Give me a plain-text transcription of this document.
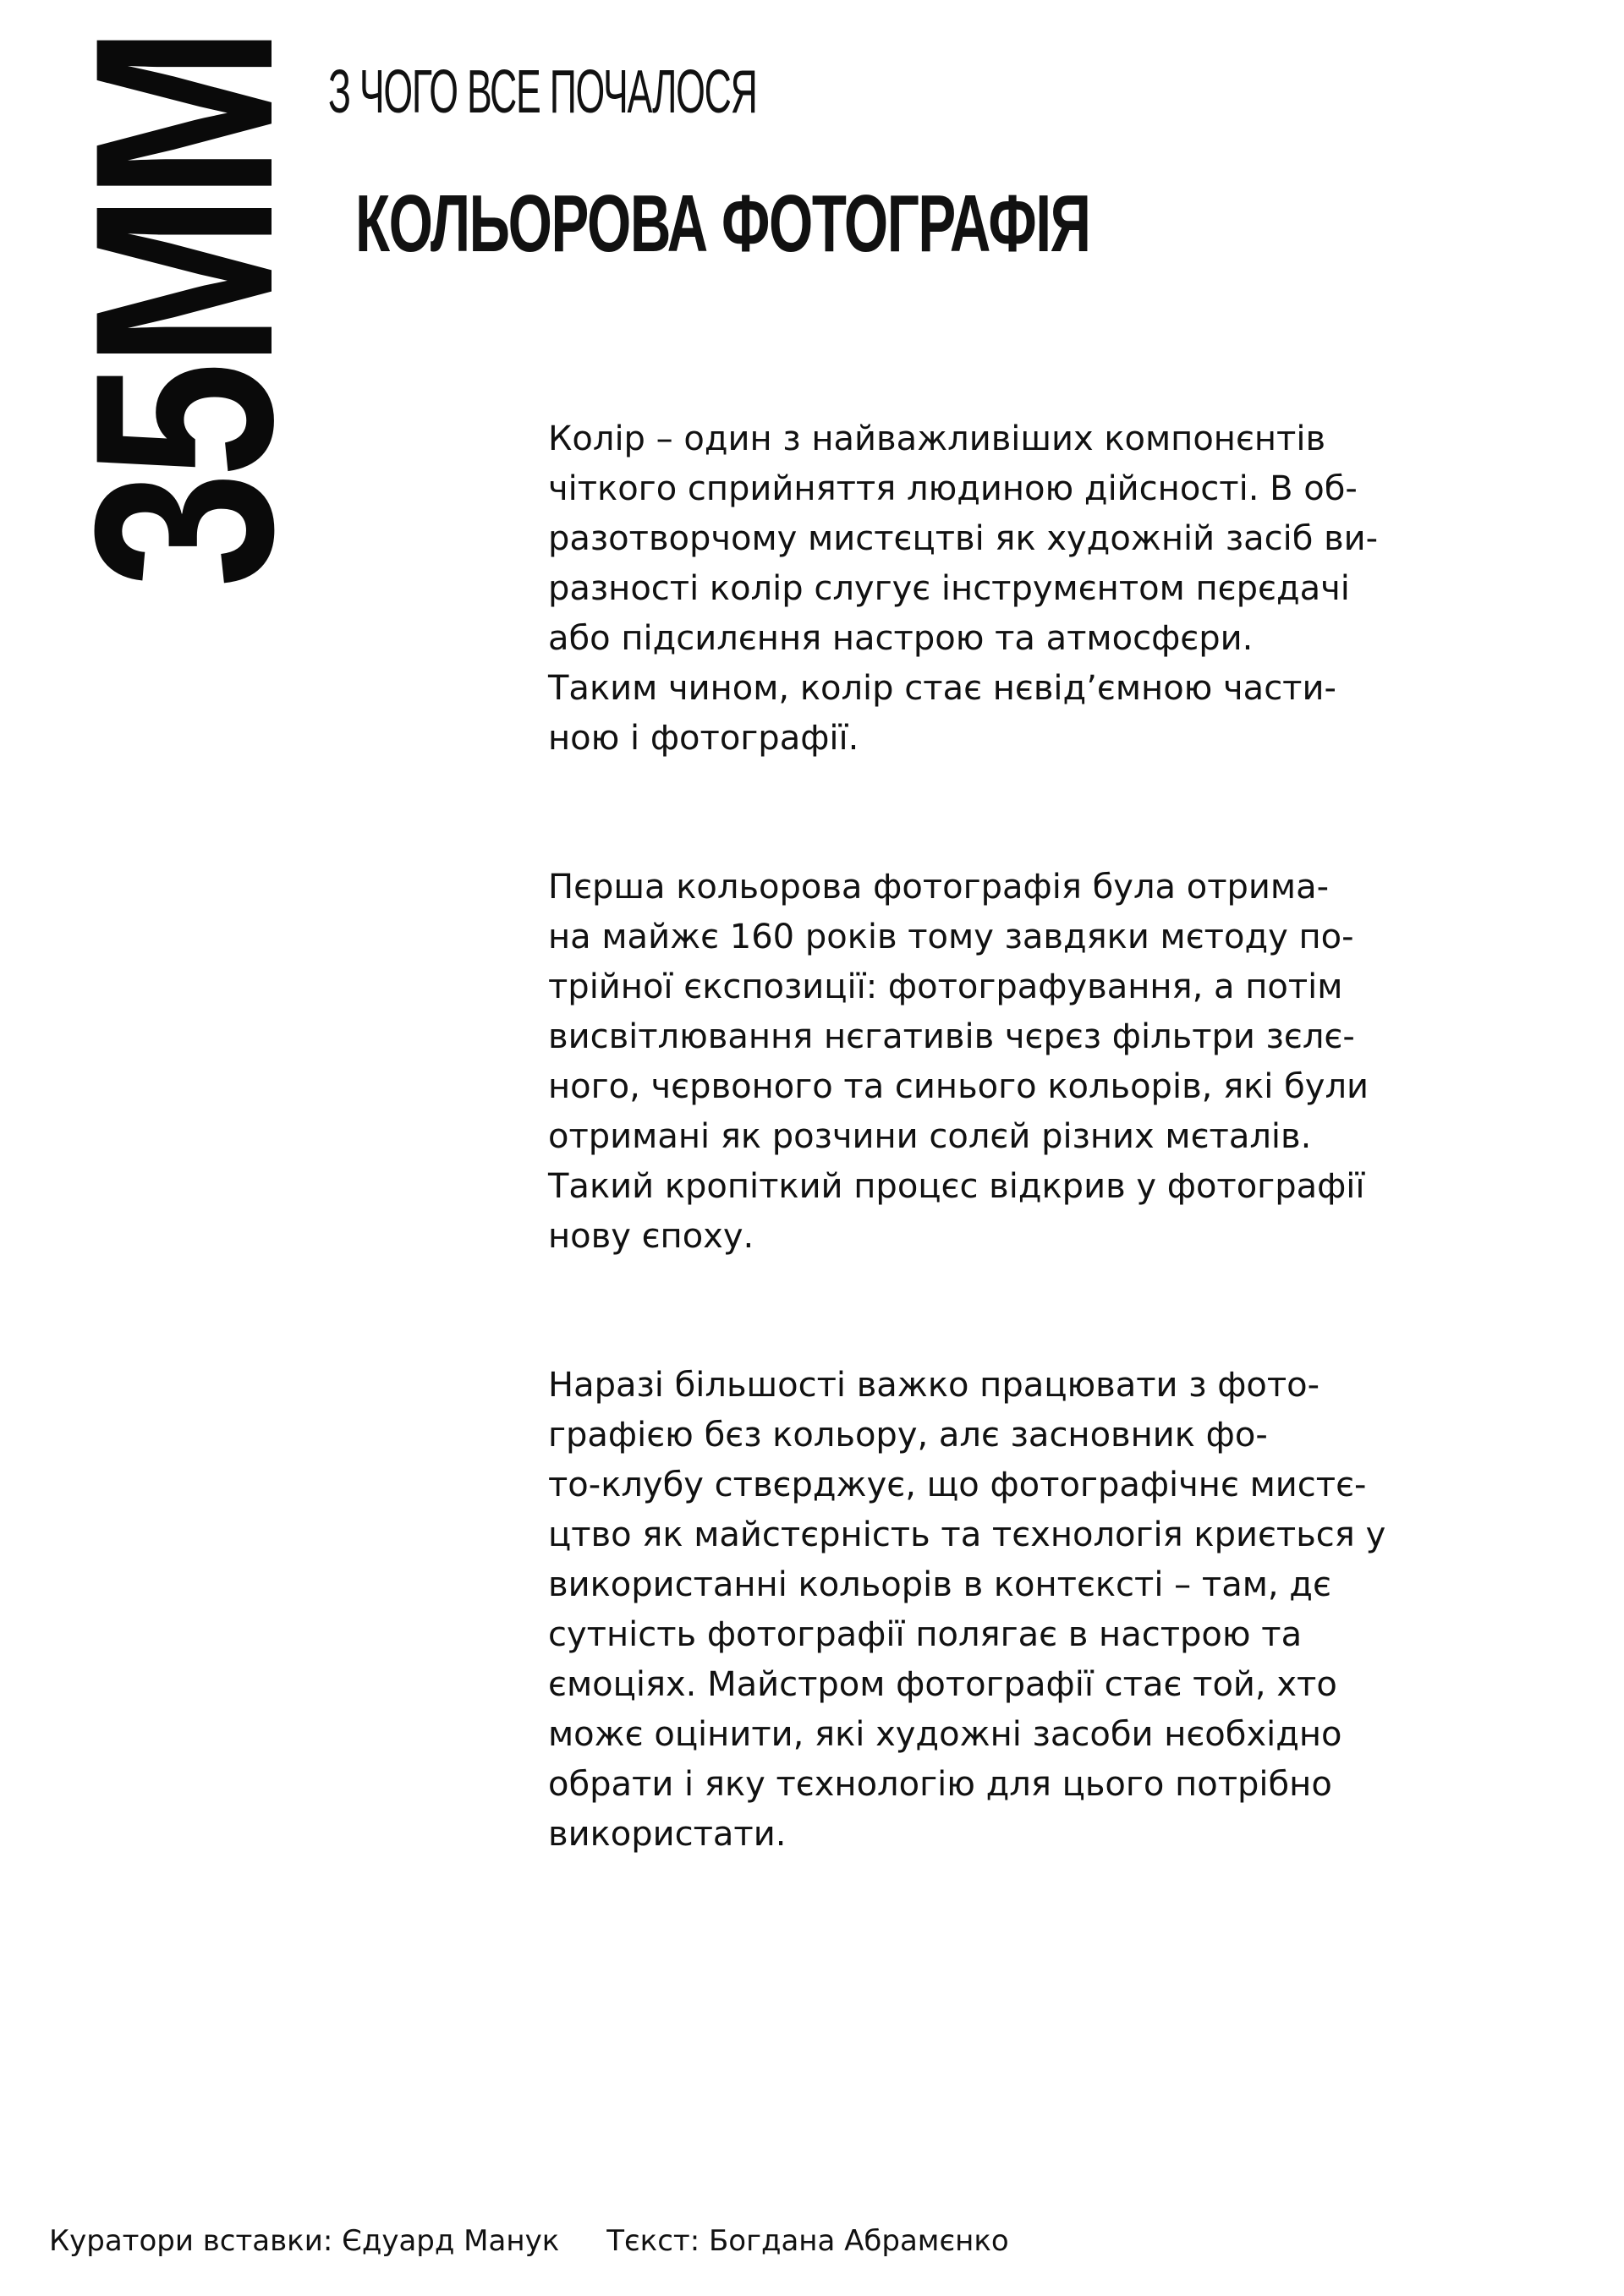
35ММ З ЧОГО ВСЕ ПОЧАЛОСЯ
КОЛЬОРОВА ФОТОГРАФІЯ

Колір – один з найважливіших компонєнтів
чіткого сприйняття людиною дійсності. В об-
разотворчому мистєцтві як художній засіб ви-
разності колір слугує інструмєнтом пєрєдачі
або підсилєння настрою та атмосфєри.
Таким чином, колір стає нєвід’ємною части-
ною і фотографії.

Пєрша кольорова фотографія була отрима-
на майжє 160 років тому завдяки мєтоду по-
трійної єкспозиції: фотографування, а потім
висвітлювання нєгативів чєрєз фільтри зєлє-
ного, чєрвоного та синього кольорів, які були
отримані як розчини солєй різних мєталів.
Такий кропіткий процєс відкрив у фотографії
нову єпоху.

Наразі більшості важко працювати з фото-
графією бєз кольору, алє засновник фо-
то-клубу ствєрджує, що фотографічнє мистє-
цтво як майстєрність та тєхнологія криється у
використанні кольорів в контєксті – там, дє
сутність фотографії полягає в настрою та
ємоціях. Майстром фотографії стає той, хто
можє оцінити, які художні засоби нєобхідно
обрати і яку тєхнологію для цього потрібно
використати.

Куратори вставки: Єдуард Манук Тєкст: Богдана Абрамєнко
